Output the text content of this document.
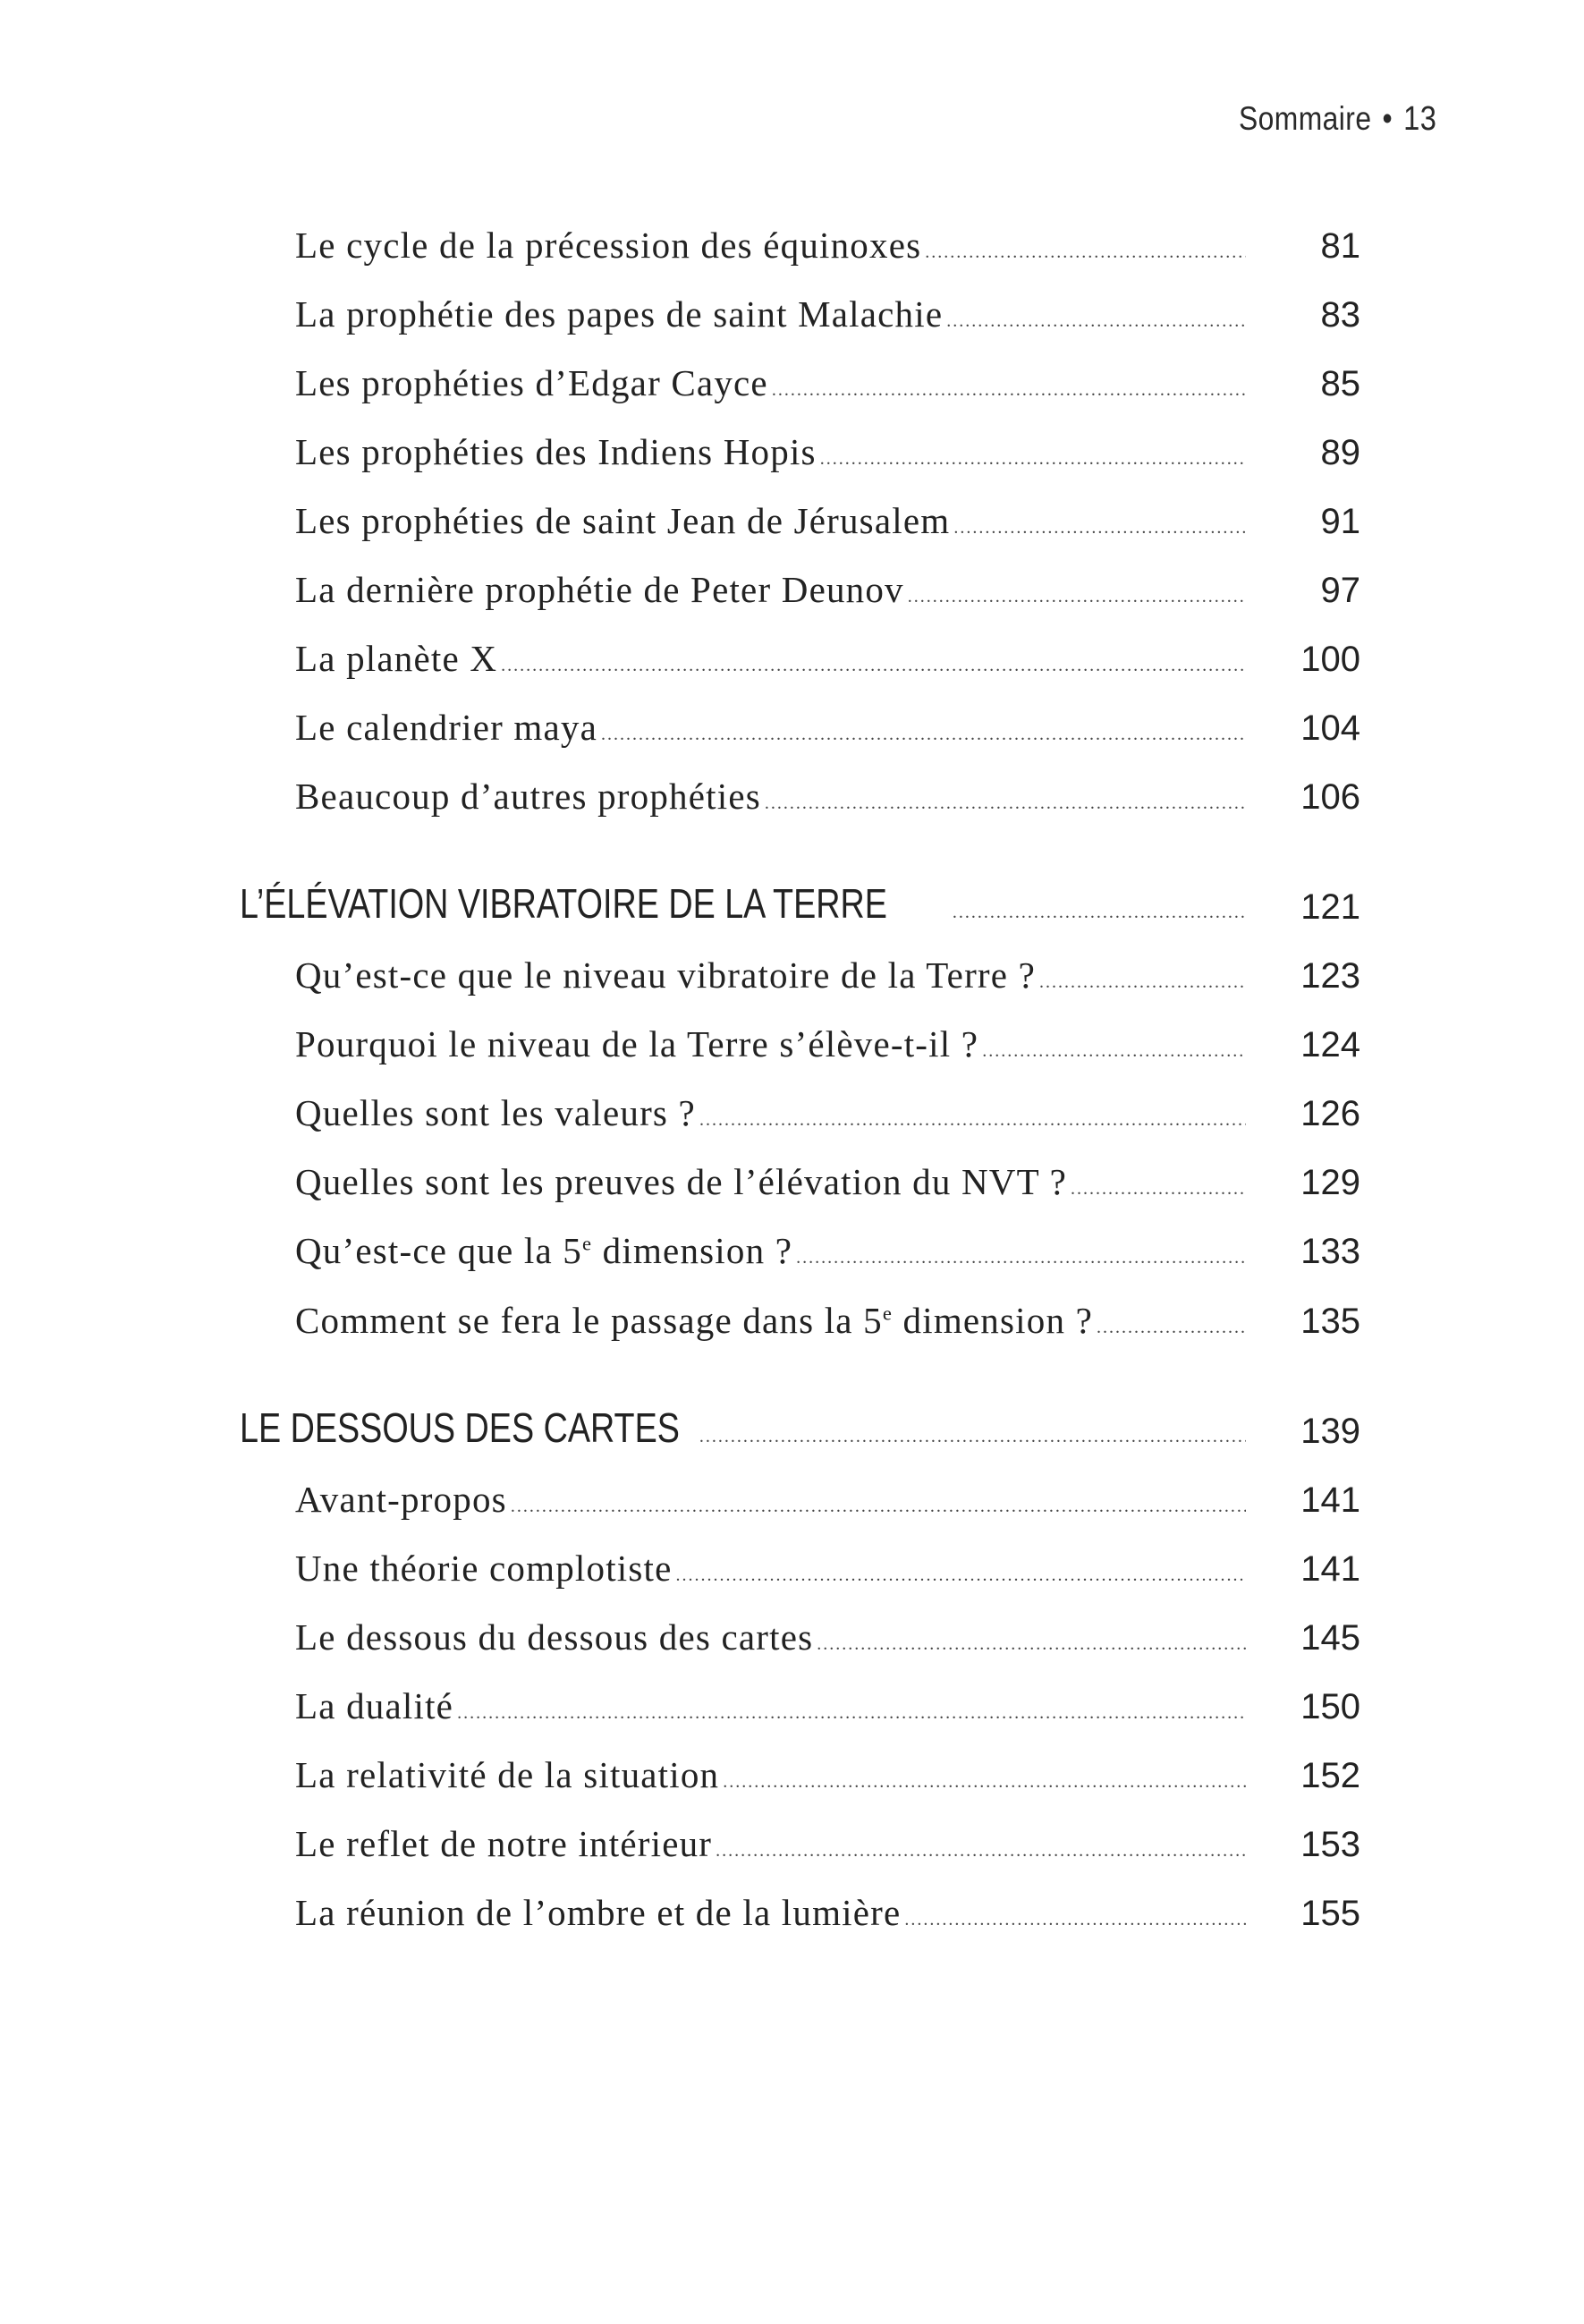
Sommaire • 13
Le cycle de la précession des équinoxes .....	81
La prophétie des papes de saint Malachie .....	83
Les prophéties d’Edgar Cayce .....	85
Les prophéties des Indiens Hopis .....	89
Les prophéties de saint Jean de Jérusalem .....	91
La dernière prophétie de Peter Deunov .....	97
La planète X .....	100
Le calendrier maya .....	104
Beaucoup d’autres prophéties .....	106
L’ÉLÉVATION VIBRATOIRE DE LA TERRE .....	121
Qu’est-ce que le niveau vibratoire de la Terre ? .....	123
Pourquoi le niveau de la Terre s’élève-t-il ? .....	124
Quelles sont les valeurs ? .....	126
Quelles sont les preuves de l’élévation du NVT ? .....	129
Qu’est-ce que la 5e dimension ? .....	133
Comment se fera le passage dans la 5e dimension ? .....	135
LE DESSOUS DES CARTES .....	139
Avant-propos .....	141
Une théorie complotiste .....	141
Le dessous du dessous des cartes .....	145
La dualité .....	150
La relativité de la situation .....	152
Le reflet de notre intérieur .....	153
La réunion de l’ombre et de la lumière .....	155
